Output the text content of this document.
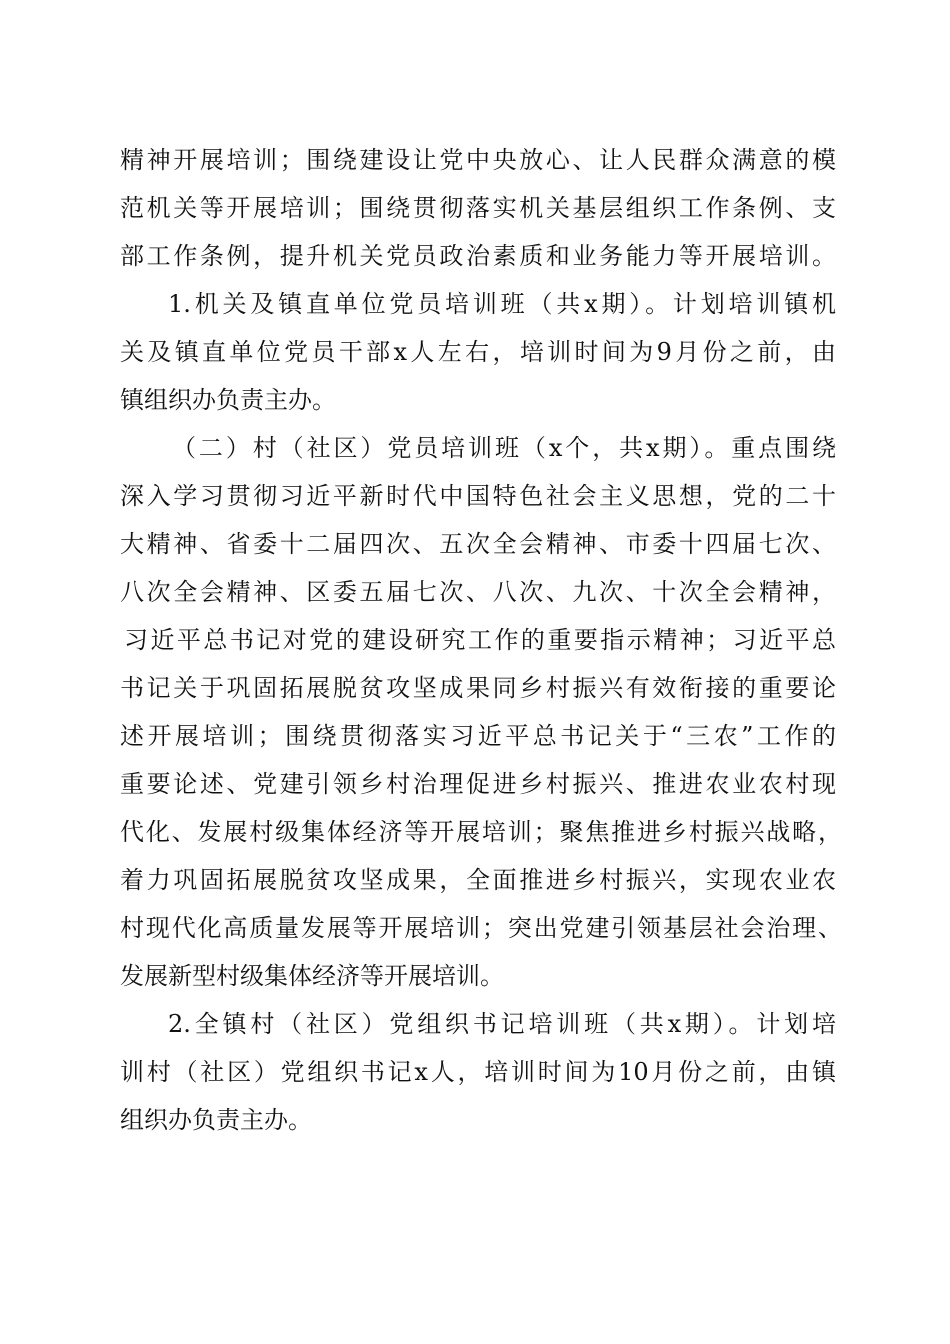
精神开展培训；围绕建设让党中央放心、让人民群众满意的模
范机关等开展培训；围绕贯彻落实机关基层组织工作条例、支
部工作条例，提升机关党员政治素质和业务能力等开展培训。
1.机关及镇直单位党员培训班（共x期）。计划培训镇机
关及镇直单位党员干部x人左右，培训时间为9月份之前，由
镇组织办负责主办。
（二）村（社区）党员培训班（x个，共x期）。重点围绕
深入学习贯彻习近平新时代中国特色社会主义思想，党的二十
大精神、省委十二届四次、五次全会精神、市委十四届七次、
八次全会精神、区委五届七次、八次、九次、十次全会精神，
习近平总书记对党的建设研究工作的重要指示精神；习近平总
书记关于巩固拓展脱贫攻坚成果同乡村振兴有效衔接的重要论
述开展培训；围绕贯彻落实习近平总书记关于“三农”工作的
重要论述、党建引领乡村治理促进乡村振兴、推进农业农村现
代化、发展村级集体经济等开展培训；聚焦推进乡村振兴战略，
着力巩固拓展脱贫攻坚成果，全面推进乡村振兴，实现农业农
村现代化高质量发展等开展培训；突出党建引领基层社会治理、
发展新型村级集体经济等开展培训。
2.全镇村（社区）党组织书记培训班（共x期）。计划培
训村（社区）党组织书记x人，培训时间为10月份之前，由镇
组织办负责主办。
